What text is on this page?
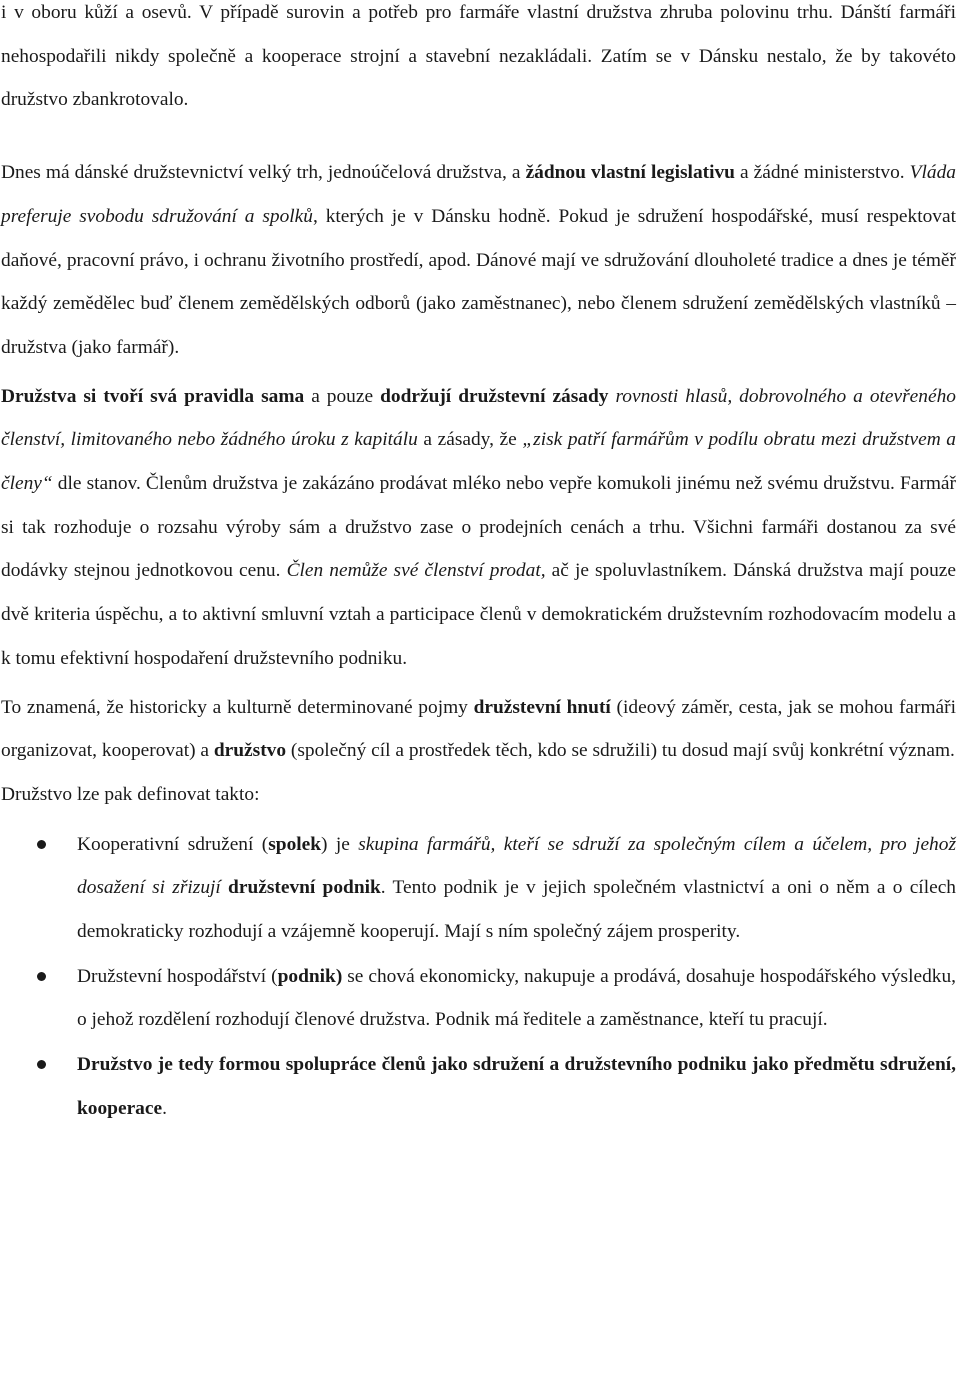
i v oboru kůží a osevů. V případě surovin a potřeb pro farmáře vlastní družstva zhruba polovinu trhu. Dánští farmáři nehospodařili nikdy společně a kooperace strojní a stavební nezakládali. Zatím se v Dánsku nestalo, že by takovéto družstvo zbankrotovalo.

Dnes má dánské družstevnictví velký trh, jednoúčelová družstva, a žádnou vlastní legislativu a žádné ministerstvo. Vláda preferuje svobodu sdružování a spolků, kterých je v Dánsku hodně. Pokud je sdružení hospodářské, musí respektovat daňové, pracovní právo, i ochranu životního prostředí, apod. Dánové mají ve sdružování dlouholeté tradice a dnes je téměř každý zemědělec buď členem zemědělských odborů (jako zaměstnanec), nebo členem sdružení zemědělských vlastníků – družstva (jako farmář).

Družstva si tvoří svá pravidla sama a pouze dodržují družstevní zásady rovnosti hlasů, dobrovolného a otevřeného členství, limitovaného nebo žádného úroku z kapitálu a zásady, že „zisk patří farmářům v podílu obratu mezi družstvem a členy“ dle stanov. Členům družstva je zakázáno prodávat mléko nebo vepře komukoli jinému než svému družstvu. Farmář si tak rozhoduje o rozsahu výroby sám a družstvo zase o prodejních cenách a trhu. Všichni farmáři dostanou za své dodávky stejnou jednotkovou cenu. Člen nemůže své členství prodat, ač je spoluvlastníkem. Dánská družstva mají pouze dvě kriteria úspěchu, a to aktivní smluvní vztah a participace členů v demokratickém družstevním rozhodovacím modelu a k tomu efektivní hospodaření družstevního podniku.

To znamená, že historicky a kulturně determinované pojmy družstevní hnutí (ideový záměr, cesta, jak se mohou farmáři organizovat, kooperovat) a družstvo (společný cíl a prostředek těch, kdo se sdružili) tu dosud mají svůj konkrétní význam.

Družstvo lze pak definovat takto:

Kooperativní sdružení (spolek) je skupina farmářů, kteří se sdruží za společným cílem a účelem, pro jehož dosažení si zřizují družstevní podnik. Tento podnik je v jejich společném vlastnictví a oni o něm a o cílech demokraticky rozhodují a vzájemně kooperují. Mají s ním společný zájem prosperity.
Družstevní hospodářství (podnik) se chová ekonomicky, nakupuje a prodává, dosahuje hospodářského výsledku, o jehož rozdělení rozhodují členové družstva. Podnik má ředitele a zaměstnance, kteří tu pracují.
Družstvo je tedy formou spolupráce členů jako sdružení a družstevního podniku jako předmětu sdružení, kooperace.
